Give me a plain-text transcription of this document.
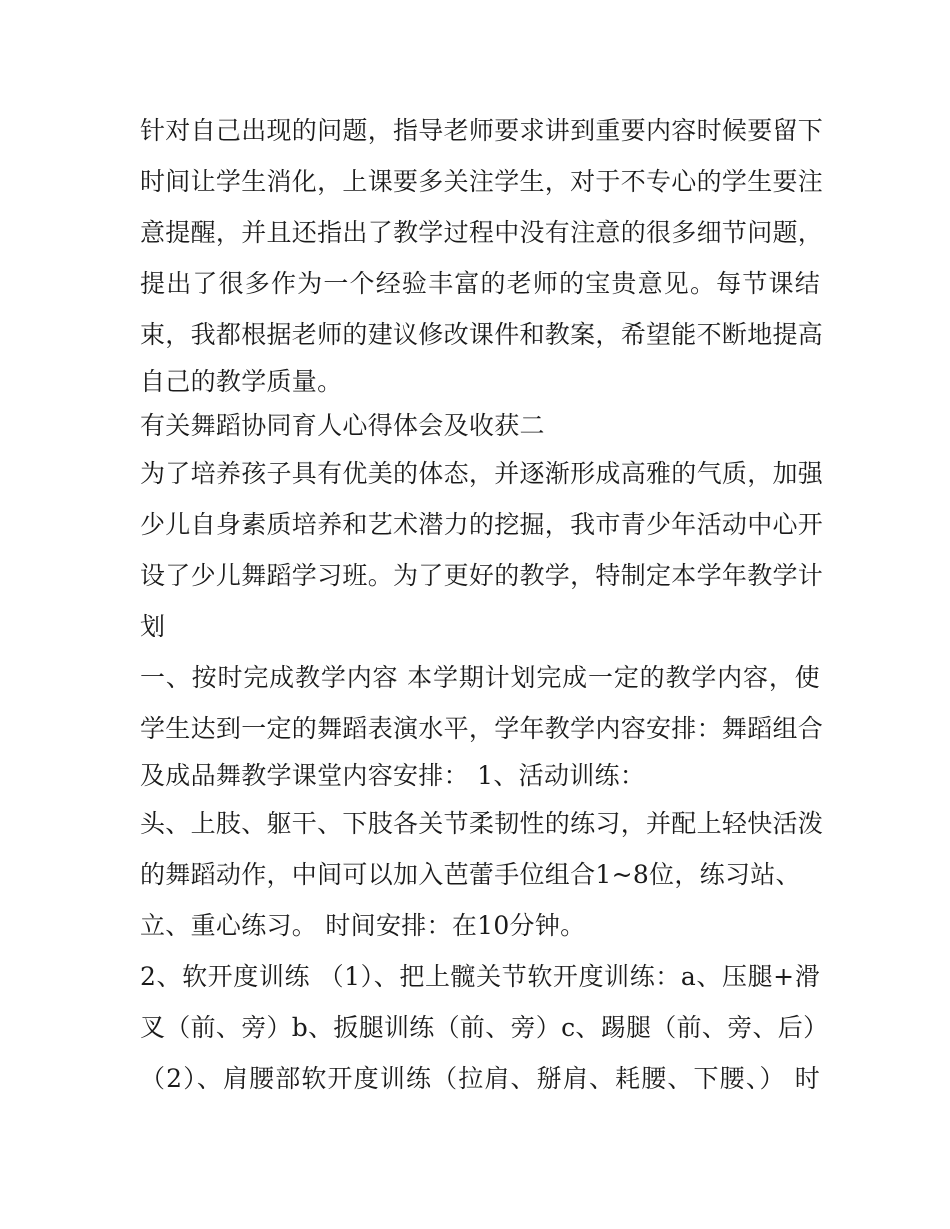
针对自己出现的问题，指导老师要求讲到重要内容时候要留下
时间让学生消化，上课要多关注学生，对于不专心的学生要注
意提醒，并且还指出了教学过程中没有注意的很多细节问题，
提出了很多作为一个经验丰富的老师的宝贵意见。每节课结
束，我都根据老师的建议修改课件和教案，希望能不断地提高
自己的教学质量。
有关舞蹈协同育人心得体会及收获二
为了培养孩子具有优美的体态，并逐渐形成高雅的气质，加强
少儿自身素质培养和艺术潜力的挖掘，我市青少年活动中心开
设了少儿舞蹈学习班。为了更好的教学，特制定本学年教学计
划
一、按时完成教学内容 本学期计划完成一定的教学内容，使
学生达到一定的舞蹈表演水平，学年教学内容安排：舞蹈组合
及成品舞教学课堂内容安排： 1、活动训练：
头、上肢、躯干、下肢各关节柔韧性的练习，并配上轻快活泼
的舞蹈动作，中间可以加入芭蕾手位组合1~8位，练习站、
立、重心练习。 时间安排：在10分钟。
2、软开度训练 （1）、把上髋关节软开度训练：a、压腿+滑
叉（前、旁）b、扳腿训练（前、旁）c、踢腿（前、旁、后）
（2）、肩腰部软开度训练（拉肩、掰肩、耗腰、下腰、） 时
